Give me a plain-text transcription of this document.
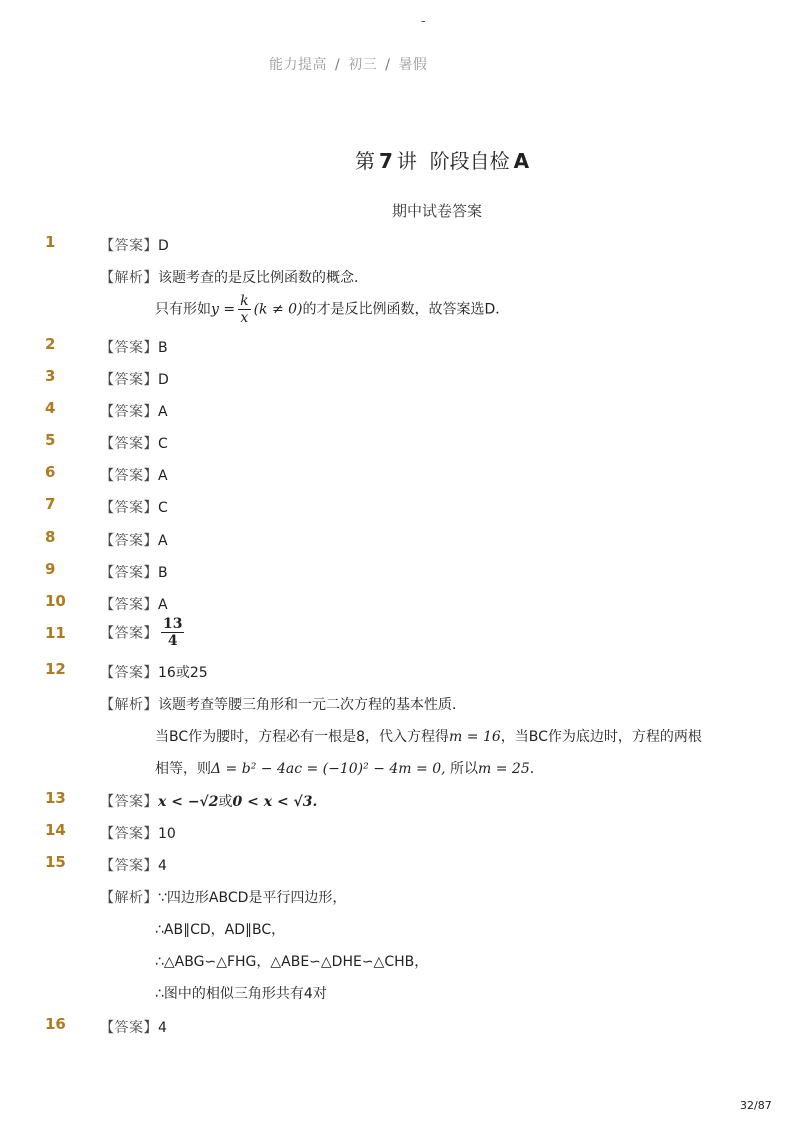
-
能力提高 / 初三 / 暑假
第 7 讲 阶段自检 A
期中试卷答案
1	【答案】D
【解析】该题考查的是反比例函数的概念．
只有形如$y = \frac{k}{x} (k \ne 0)$的才是反比例函数，故答案选D．
2	【答案】B
3	【答案】D
4	【答案】A
5	【答案】C
6	【答案】A
7	【答案】C
8	【答案】A
9	【答案】B
10 【答案】A
11 【答案】 $\frac{13}{4}$
12 【答案】16或25
【解析】该题考查等腰三角形和一元二次方程的基本性质．
当BC作为腰时，方程必有一根是8，代入方程得m = 16，当BC作为底边时，方程的两根
相等，则Δ = b² − 4ac = (−10)² − 4m = 0, 所以m = 25．
13 【答案】x < −√2或0 < x < √3.
14 【答案】10
15 【答案】4
【解析】∵四边形ABCD是平行四边形，
∴AB∥CD，AD∥BC，
∴△ABG∽△FHG，△ABE∽△DHE∽△CHB，
∴图中的相似三角形共有4对
16 【答案】4
32/87
